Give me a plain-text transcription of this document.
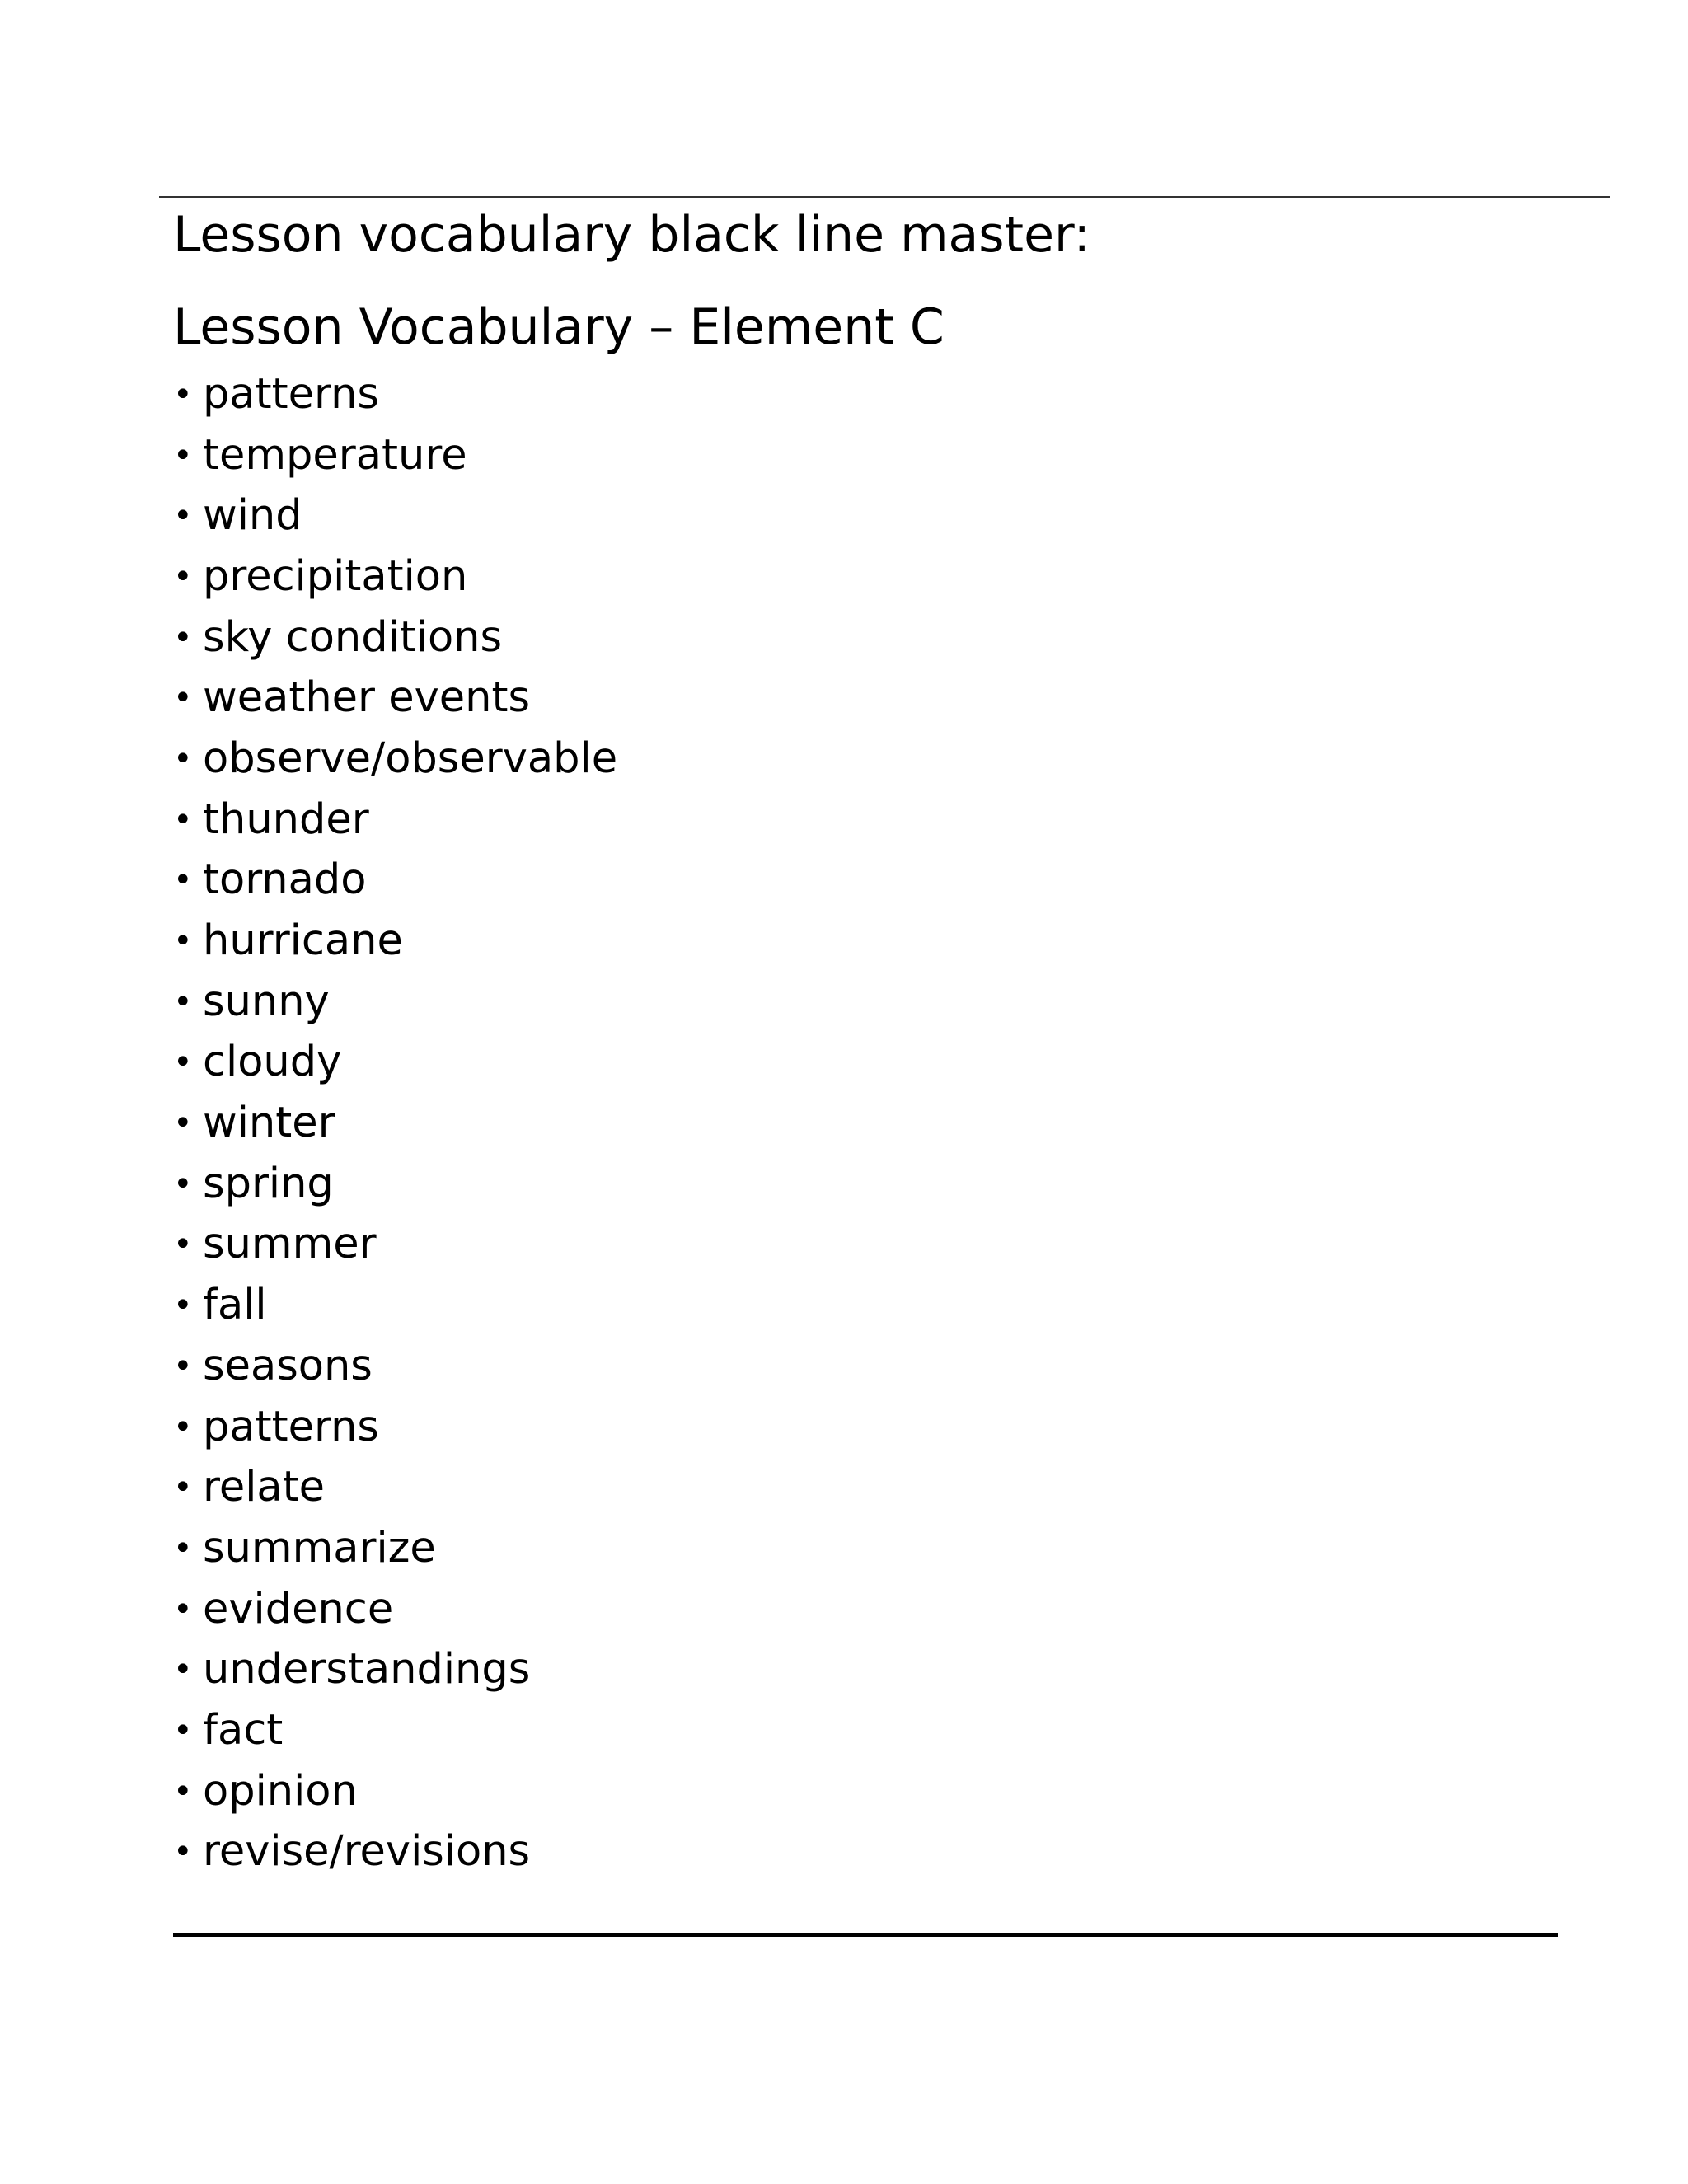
Lesson vocabulary black line master:
Lesson Vocabulary – Element C
• patterns
• temperature
• wind
• precipitation
• sky conditions
• weather events
• observe/observable
• thunder
• tornado
• hurricane
• sunny
• cloudy
• winter
• spring
• summer
• fall
• seasons
• patterns
• relate
• summarize
• evidence
• understandings
• fact
• opinion
• revise/revisions
